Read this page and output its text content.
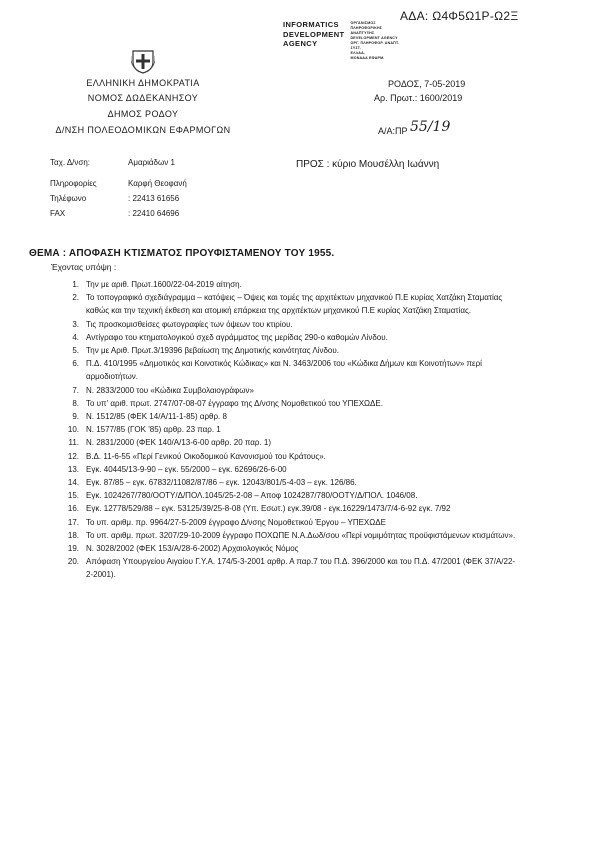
ΑΔΑ: Ω4Φ5Ω1Ρ-Ω2Ξ
INFORMATICS
DEVELOPMENT
AGENCY
ΟΡΓΑΝΙΣΜΟΣ
ΠΛΗΡΟΦΟΡΙΚΗΣ
ΑΝΑΠΤΥΞΗΣ
DEVELOPMENT AGENCY
ΟΡΓ. ΠΛΗΡΟΦΟΡ. ΑΝΑΠΤ.
ΣΥΣΤ.
ΕΛΛΑΔ.
ΜΟΝΑΔΑ ΕΦΑΡΜ.
ΕΛΛΗΝΙΚΗ ΔΗΜΟΚΡΑΤΙΑ
ΝΟΜΟΣ ΔΩΔΕΚΑΝΗΣΟΥ
ΔΗΜΟΣ ΡΟΔΟΥ
Δ/ΝΣΗ ΠΟΛΕΟΔΟΜΙΚΩΝ ΕΦΑΡΜΟΓΩΝ
ΡΟΔΟΣ, 7-05-2019
Αρ. Πρωτ.: 1600/2019
Α/Α:ΠΡ 55/19
Ταχ. Δ/νση:	Αμαριάδων 1
Πληροφορίες	Καρφή Θεοφανή
Τηλέφωνο	: 22413 61656
FAX	: 22410 64696
ΠΡΟΣ : κύριο Μουσέλλη Ιωάννη
ΘΕΜΑ : ΑΠΟΦΑΣΗ ΚΤΙΣΜΑΤΟΣ ΠΡΟΥΦΙΣΤΑΜΕΝΟΥ ΤΟΥ 1955.
Έχοντας υπόψη :
1. Την με αριθ. Πρωτ.1600/22-04-2019 αίτηση.
2. Το τοπογραφικό σχεδιάγραμμα – κατόψεις – Όψεις και τομές της αρχιτέκτων μηχανικού Π.Ε κυρίας Χατζάκη Σταματίας καθώς και την τεχνική έκθεση και ατομική επάρκεια της αρχιτέκτων μηχανικού Π.Ε κυρίας Χατζάκη Σταματίας.
3. Τις προσκομισθείσες φωτογραφίες των όψεων του κτιρίου.
4. Αντίγραφο του κτηματολογικού σχεδ αγράμματος της μερίδας 290-ο καθομών Λίνδου.
5. Την με Αριθ. Πρωτ.3/19396 βεβαίωση της Δημοτικής κοινότητας Λίνδου.
6. Π.Δ. 410/1995 «Δημοτικός και Κοινοτικός Κώδικας» και Ν. 3463/2006 του «Κώδικα Δήμων και Κοινοτήτων» περί αρμοδιοτήτων.
7. Ν. 2833/2000 του «Κώδικα Συμβολαιογράφων»
8. Το υπ' αριθ. πρωτ. 2747/07-08-07 έγγραφο της Δ/νσης Νομοθετικού του ΥΠΕΧΩΔΕ.
9. Ν. 1512/85 (ΦΕΚ 14/Α/11-1-85) αρθρ. 8
10. Ν. 1577/85 (ΓΟΚ '85) αρθρ. 23 παρ. 1
11. Ν. 2831/2000 (ΦΕΚ 140/Α/13-6-00 αρθρ. 20 παρ. 1)
12. Β.Δ. 11-6-55 «Περί Γενικού Οικοδομικού Κανονισμού του Κράτους».
13. Εγκ. 40445/13-9-90 – εγκ. 55/2000 – εγκ. 62696/26-6-00
14. Εγκ. 87/85 – εγκ. 67832/11082/87/86 – εγκ. 12043/801/5-4-03 – εγκ. 126/86.
15. Εγκ. 1024267/780/ΟΟΤΥ/Δ/ΠΟΛ.1045/25-2-08 – Αποφ 1024287/780/ΟΟΤΥ/Δ/ΠΟΛ. 1046/08.
16. Εγκ. 12778/529/88 – εγκ. 53125/39/25-8-08 (Υπ. Εσωτ.) εγκ.39/08 - εγκ.16229/1473/7/4-6-92 εγκ. 7/92
17. Το υπ. αριθμ. πρ. 9964/27-5-2009 έγγραφο Δ/νσης Νομοθετικού Έργου – ΥΠΕΧΩΔΕ
18. Το υπ. αριθμ. πρωτ. 3207/29-10-2009 έγγραφο ΠΟΧΩΠΕ Ν.Α.Δωδ/σου «Περί νομιμότητας προϋφιστάμενων κτισμάτων».
19. Ν. 3028/2002 (ΦΕΚ 153/Α/28-6-2002) Αρχαιολογικός Νόμος
20. Απόφαση Υπουργείου Αιγαίου Γ.Υ.Α. 174/5-3-2001 αρθρ. Α παρ.7 του Π.Δ. 396/2000 και του Π.Δ. 47/2001 (ΦΕΚ 37/Α/22-2-2001).
